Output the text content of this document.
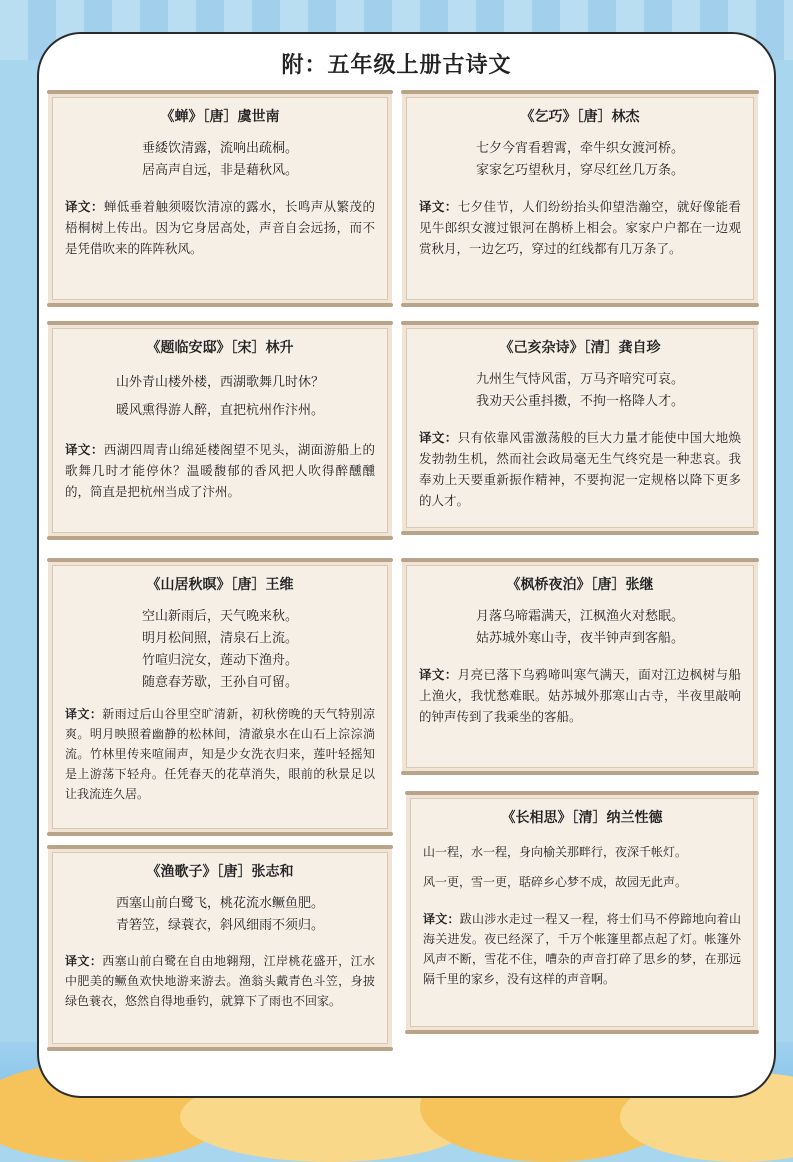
附：五年级上册古诗文
《蝉》［唐］虞世南
垂緌饮清露，流响出疏桐。
居高声自远，非是藉秋风。

译文：蝉低垂着触须啜饮清凉的露水，长鸣声从繁茂的梧桐树上传出。因为它身居高处，声音自会远扬，而不是凭借吹来的阵阵秋风。

《乞巧》［唐］林杰
七夕今宵看碧霄，牵牛织女渡河桥。
家家乞巧望秋月，穿尽红丝几万条。

译文：七夕佳节，人们纷纷抬头仰望浩瀚空，就好像能看见牛郎织女渡过银河在鹊桥上相会。家家户户都在一边观赏秋月，一边乞巧，穿过的红线都有几万条了。

《题临安邸》［宋］林升
山外青山楼外楼，西湖歌舞几时休？
暖风熏得游人醉，直把杭州作汴州。

译文：西湖四周青山绵延楼阁望不见头，湖面游船上的歌舞几时才能停休？温暖馥郁的香风把人吹得醉醺醺的，简直是把杭州当成了汴州。

《己亥杂诗》［清］龚自珍
九州生气恃风雷，万马齐喑究可哀。
我劝天公重抖擞，不拘一格降人才。

译文：只有依靠风雷激荡般的巨大力量才能使中国大地焕发勃勃生机，然而社会政局毫无生气终究是一种悲哀。我奉劝上天要重新振作精神，不要拘泥一定规格以降下更多的人才。

《山居秋暝》［唐］王维
空山新雨后，天气晚来秋。
明月松间照，清泉石上流。
竹喧归浣女，莲动下渔舟。
随意春芳歇，王孙自可留。

译文：新雨过后山谷里空旷清新，初秋傍晚的天气特别凉爽。明月映照着幽静的松林间，清澈泉水在山石上淙淙淌流。竹林里传来喧闹声，知是少女洗衣归来，莲叶轻摇知是上游荡下轻舟。任凭春天的花草消失，眼前的秋景足以让我流连久居。

《枫桥夜泊》［唐］张继
月落乌啼霜满天，江枫渔火对愁眠。
姑苏城外寒山寺，夜半钟声到客船。

译文：月亮已落下乌鸦啼叫寒气满天，面对江边枫树与船上渔火，我忧愁难眠。姑苏城外那寒山古寺，半夜里敲响的钟声传到了我乘坐的客船。

《长相思》［清］纳兰性德
山一程，水一程，身向榆关那畔行，夜深千帐灯。
风一更，雪一更，聒碎乡心梦不成，故园无此声。

译文：跋山涉水走过一程又一程，将士们马不停蹄地向着山海关进发。夜已经深了，千万个帐篷里都点起了灯。帐篷外风声不断，雪花不住，嘈杂的声音打碎了思乡的梦，在那远隔千里的家乡，没有这样的声音啊。

《渔歌子》［唐］张志和
西塞山前白鹭飞，桃花流水鳜鱼肥。
青箬笠，绿蓑衣，斜风细雨不须归。

译文：西塞山前白鹭在自由地翱翔，江岸桃花盛开，江水中肥美的鳜鱼欢快地游来游去。渔翁头戴青色斗笠，身披绿色蓑衣，悠然自得地垂钓，就算下了雨也不回家。
